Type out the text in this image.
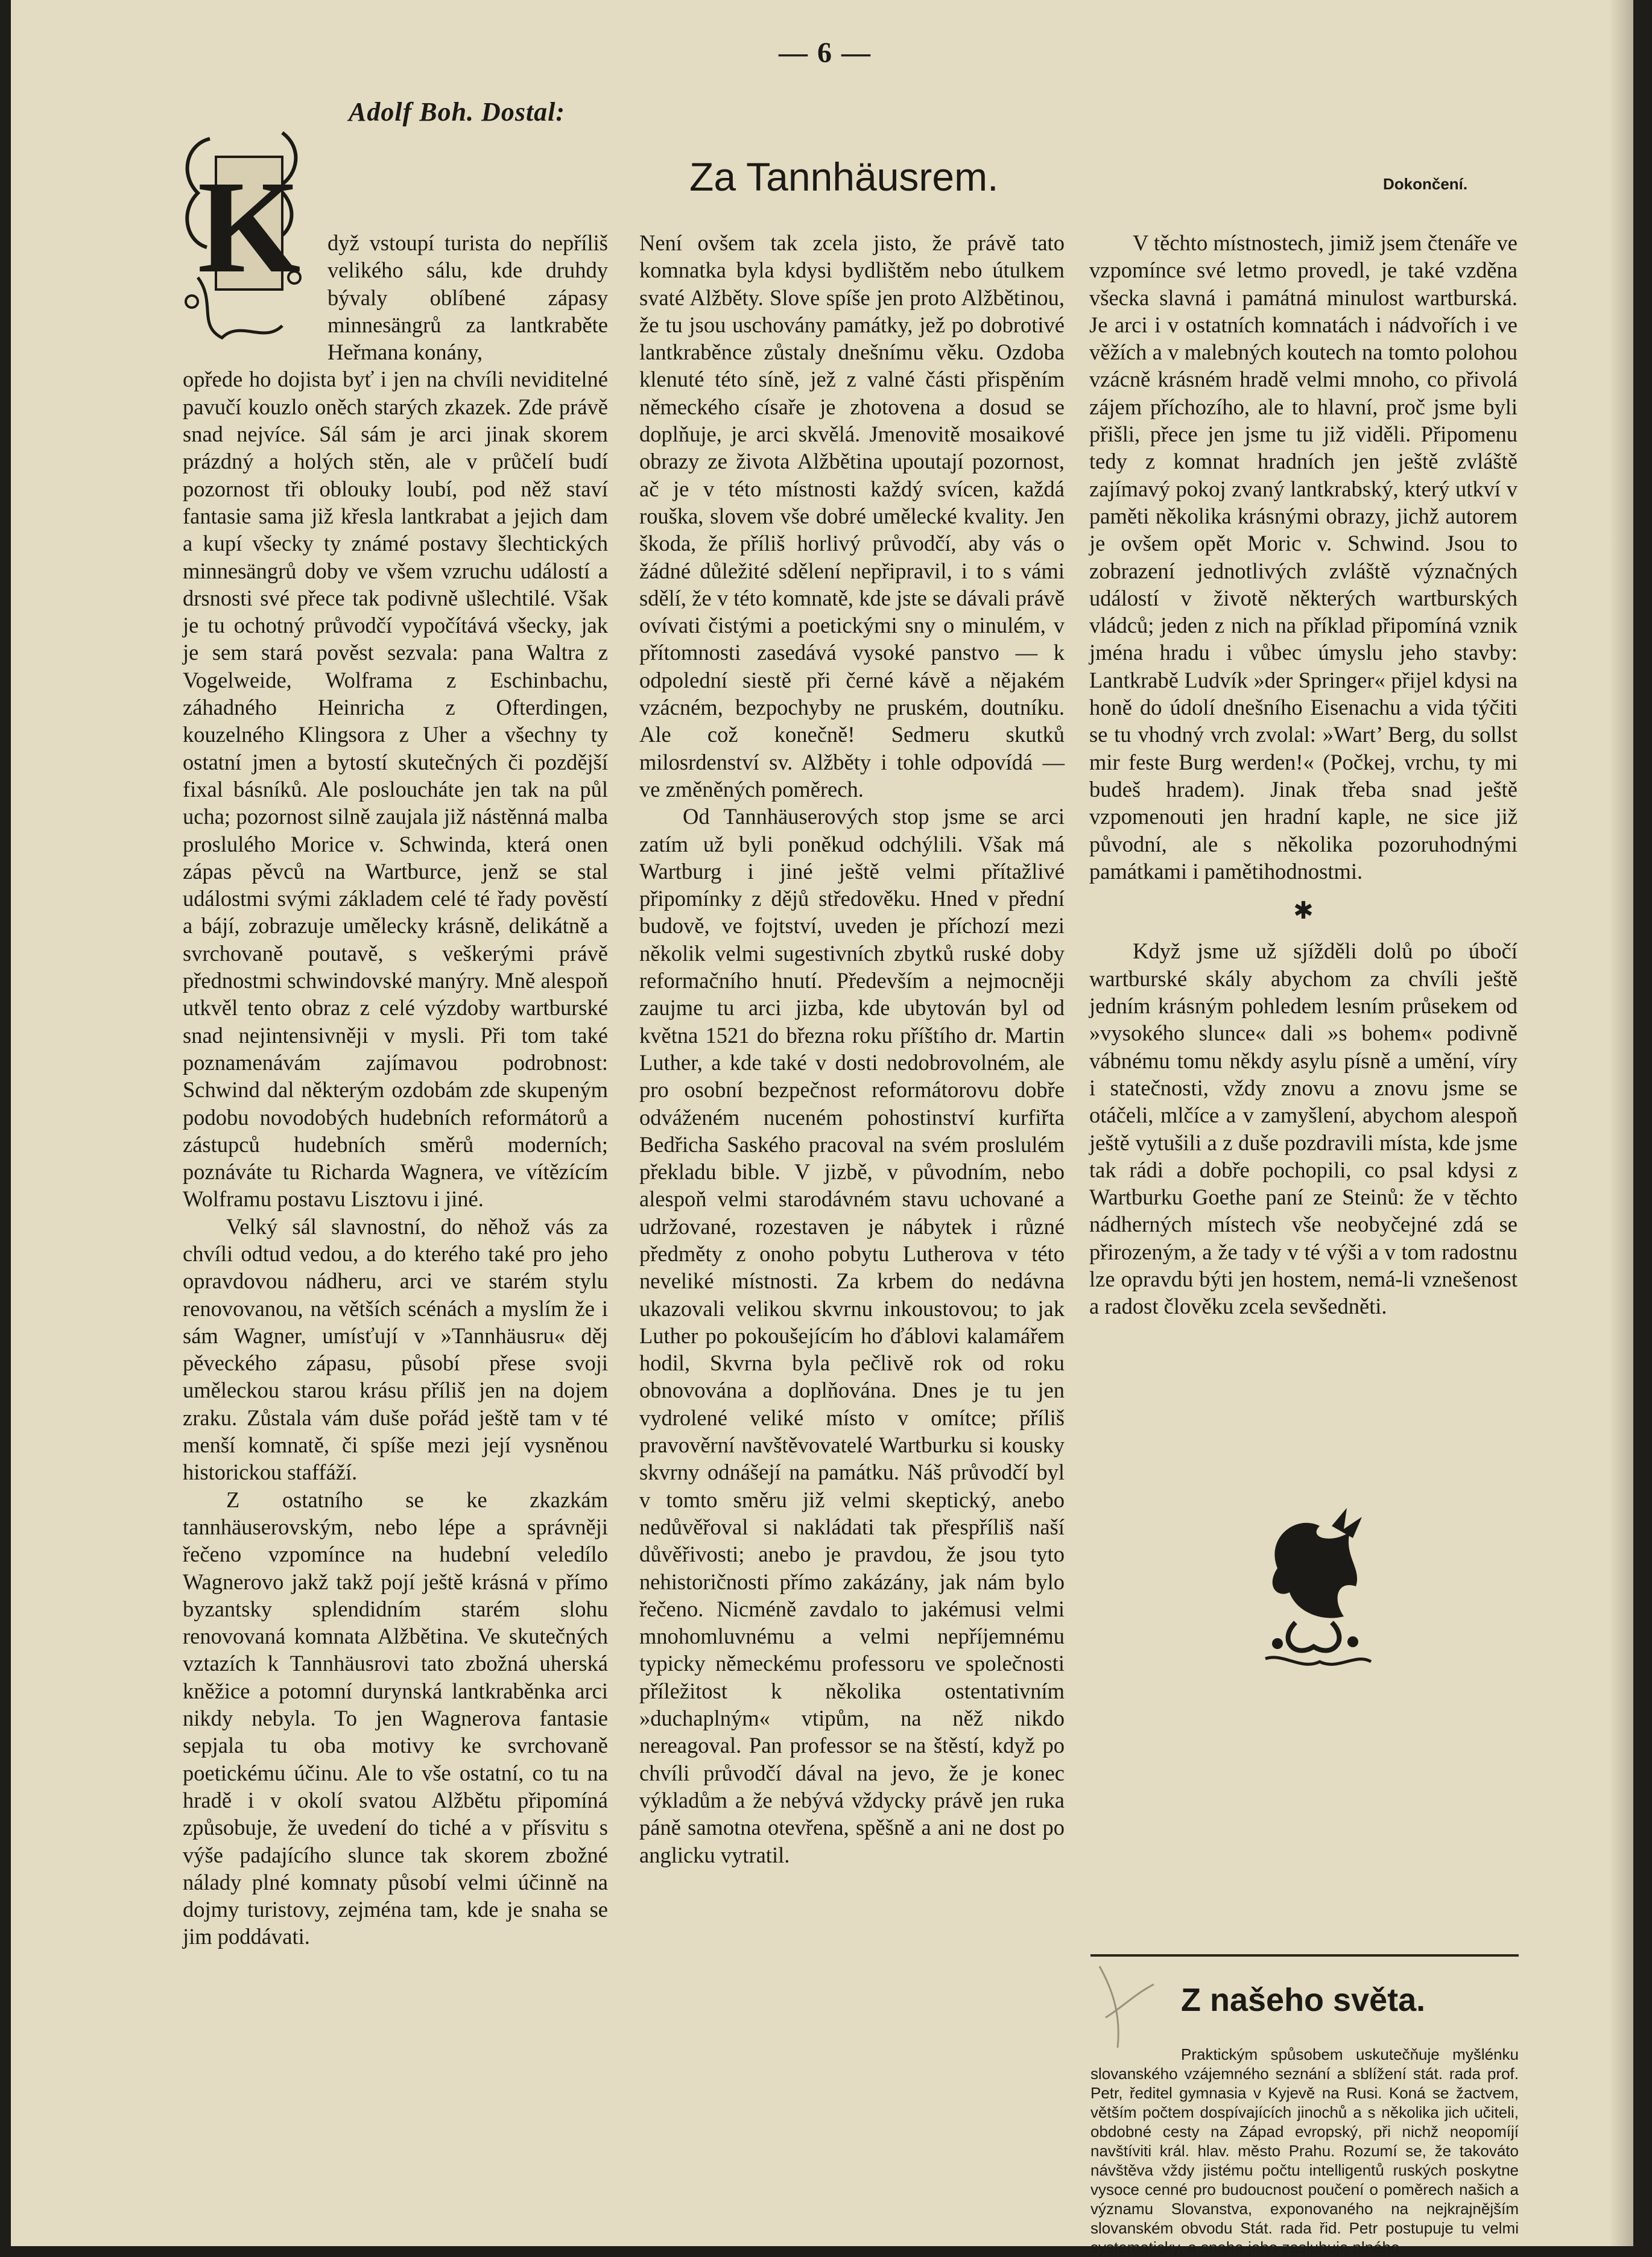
— 6 —
Adolf Boh. Dostal:
Za Tannhäusrem.	Dokončení.
K	dyž vstoupí turista do nepříliš velikého sálu, kde druhdy bývaly oblíbené zápasy minnesängrů za lantkraběte Heřmana konány,

opřede ho dojista byť i jen na chvíli neviditelné pavučí kouzlo oněch starých zkazek. Zde právě snad nejvíce. Sál sám je arci jinak skorem prázdný a holých stěn, ale v průčelí budí pozornost tři oblouky loubí, pod něž staví fantasie sama již křesla lantkrabat a jejich dam a kupí všecky ty známé postavy šlechtických minnesängrů doby ve všem vzruchu událostí a drsnosti své přece tak podivně ušlechtilé. Však je tu ochotný průvodčí vypočítává všecky, jak je sem stará pověst sezvala: pana Waltra z Vogelweide, Wolframa z Eschinbachu, záhadného Heinricha z Ofterdingen, kouzelného Klingsora z Uher a všechny ty ostatní jmen a bytostí skutečných či pozdější fixal básníků. Ale posloucháte jen tak na půl ucha; pozornost silně zaujala již nástěnná malba proslulého Morice v. Schwinda, která onen zápas pěvců na Wartburce, jenž se stal událostmi svými základem celé té řady pověstí a bájí, zobrazuje umělecky krásně, delikátně a svrchovaně poutavě, s veškerými právě přednostmi schwindovské manýry. Mně alespoň utkvěl tento obraz z celé výzdoby wartburské snad nejintensivněji v mysli. Při tom také poznamenávám zajímavou podrobnost: Schwind dal některým ozdobám zde skupeným podobu novodobých hudebních reformátorů a zástupců hudebních směrů moderních; poznáváte tu Richarda Wagnera, ve vítězícím Wolframu postavu Lisztovu i jiné.

Velký sál slavnostní, do něhož vás za chvíli odtud vedou, a do kterého také pro jeho opravdovou nádheru, arci ve starém stylu renovovanou, na větších scénách a myslím že i sám Wagner, umísťují v »Tannhäusru« děj pěveckého zápasu, působí přese svoji uměleckou starou krásu příliš jen na dojem zraku. Zůstala vám duše pořád ještě tam v té menší komnatě, či spíše mezi její vysněnou historickou staffáží.

Z ostatního se ke zkazkám tannhäuserovským, nebo lépe a správněji řečeno vzpomínce na hudební veledílo Wagnerovo jakž takž pojí ještě krásná v přímo byzantsky splendidním starém slohu renovovaná komnata Alžbětina. Ve skutečných vztazích k Tannhäusrovi tato zbožná uherská kněžice a potomní durynská lantkraběnka arci nikdy nebyla. To jen Wagnerova fantasie sepjala tu oba motivy ke svrchovaně poetickému účinu. Ale to vše ostatní, co tu na hradě i v okolí svatou Alžbětu připomíná způsobuje, že uvedení do tiché a v přísvitu s výše padajícího slunce tak skorem zbožné nálady plné komnaty působí velmi účinně na dojmy turistovy, zejména tam, kde je snaha se jim poddávati.

Není ovšem tak zcela jisto, že právě tato komnatka byla kdysi bydlištěm nebo útulkem svaté Alžběty. Slove spíše jen proto Alžbětinou, že tu jsou uschovány památky, jež po dobrotivé lantkraběnce zůstaly dnešnímu věku. Ozdoba klenuté této síně, jež z valné části přispěním německého císaře je zhotovena a dosud se doplňuje, je arci skvělá. Jmenovitě mosaikové obrazy ze života Alžbětina upoutají pozornost, ač je v této místnosti každý svícen, každá rouška, slovem vše dobré umělecké kvality. Jen škoda, že příliš horlivý průvodčí, aby vás o žádné důležité sdělení nepřipravil, i to s vámi sdělí, že v této komnatě, kde jste se dávali právě ovívati čistými a poetickými sny o minulém, v přítomnosti zasedává vysoké panstvo — k odpolední siestě při černé kávě a nějakém vzácném, bezpochyby ne pruském, doutníku. Ale což konečně! Sedmeru skutků milosrdenství sv. Alžběty i tohle odpovídá — ve změněných poměrech.

Od Tannhäuserových stop jsme se arci zatím už byli poněkud odchýlili. Však má Wartburg i jiné ještě velmi přítažlivé připomínky z dějů středověku. Hned v přední budově, ve fojtství, uveden je příchozí mezi několik velmi sugestivních zbytků ruské doby reformačního hnutí. Především a nejmocněji zaujme tu arci jizba, kde ubytován byl od května 1521 do března roku příštího dr. Martin Luther, a kde také v dosti nedobrovolném, ale pro osobní bezpečnost reformátorovu dobře odváženém nuceném pohostinství kurfiřta Bedřicha Saského pracoval na svém proslulém překladu bible. V jizbě, v původním, nebo alespoň velmi starodávném stavu uchované a udržované, rozestaven je nábytek i různé předměty z onoho pobytu Lutherova v této neveliké místnosti. Za krbem do nedávna ukazovali velikou skvrnu inkoustovou; to jak Luther po pokoušejícím ho ďáblovi kalamářem hodil, Skvrna byla pečlivě rok od roku obnovována a doplňována. Dnes je tu jen vydrolené veliké místo v omítce; příliš pravověrní navštěvovatelé Wartburku si kousky skvrny odnášejí na památku. Náš průvodčí byl v tomto směru již velmi skeptický, anebo nedůvěřoval si nakládati tak přespříliš naší důvěřivosti; anebo je pravdou, že jsou tyto nehistoričnosti přímo zakázány, jak nám bylo řečeno. Nicméně zavdalo to jakémusi velmi mnohomluvnému a velmi nepříjemnému typicky německému professoru ve společnosti příležitost k několika ostentativním »duchaplným« vtipům, na něž nikdo nereagoval. Pan professor se na štěstí, když po chvíli průvodčí dával na jevo, že je konec výkladům a že nebývá vždycky právě jen ruka páně samotna otevřena, spěšně a ani ne dost po anglicku vytratil.

V těchto místnostech, jimiž jsem čtenáře ve vzpomínce své letmo provedl, je také vzděna všecka slavná i památná minulost wartburská. Je arci i v ostatních komnatách i nádvořích i ve věžích a v malebných koutech na tomto polohou vzácně krásném hradě velmi mnoho, co přivolá zájem příchozího, ale to hlavní, proč jsme byli přišli, přece jen jsme tu již viděli. Připomenu tedy z komnat hradních jen ještě zvláště zajímavý pokoj zvaný lantkrabský, který utkví v paměti několika krásnými obrazy, jichž autorem je ovšem opět Moric v. Schwind. Jsou to zobrazení jednotlivých zvláště význačných událostí v životě některých wartburských vládců; jeden z nich na příklad připomíná vznik jména hradu i vůbec úmyslu jeho stavby: Lantkrabě Ludvík »der Springer« přijel kdysi na honě do údolí dnešního Eisenachu a vida týčiti se tu vhodný vrch zvolal: »Wart’ Berg, du sollst mir feste Burg werden!« (Počkej, vrchu, ty mi budeš hradem). Jinak třeba snad ještě vzpomenouti jen hradní kaple, ne sice již původní, ale s několika pozoruhodnými památkami i pamětihodnostmi.

✱

Když jsme už sjížděli dolů po úbočí wartburské skály abychom za chvíli ještě jedním krásným pohledem lesním průsekem od »vysokého slunce« dali »s bohem« podivně vábnému tomu někdy asylu písně a umění, víry i statečnosti, vždy znovu a znovu jsme se otáčeli, mlčíce a v zamyšlení, abychom alespoň ještě vytušili a z duše pozdravili místa, kde jsme tak rádi a dobře pochopili, co psal kdysi z Wartburku Goethe paní ze Steinů: že v těchto nádherných místech vše neobyčejné zdá se přirozeným, a že tady v té výši a v tom radostnu lze opravdu býti jen hostem, nemá-li vznešenost a radost člověku zcela sevšedněti.

Z našeho světa.

Praktickým spůsobem uskutečňuje myšlénku slovanského vzájemného seznání a sblížení stát. rada prof. Petr, ředitel gymnasia v Kyjevě na Rusi. Koná se žactvem, větším počtem dospívajících jinochů a s několika jich učiteli, obdobné cesty na Západ evropský, při nichž neopomíjí navštíviti král. hlav. město Prahu. Rozumí se, že takováto návštěva vždy jistému počtu intelligentů ruských poskytne vysoce cenné pro budoucnost poučení o poměrech našich a významu Slovanstva, exponovaného na nejkrajnějším slovanském obvodu Stát. rada řid. Petr postupuje tu velmi systematicky, a snaha jeho zasluhuje plného
